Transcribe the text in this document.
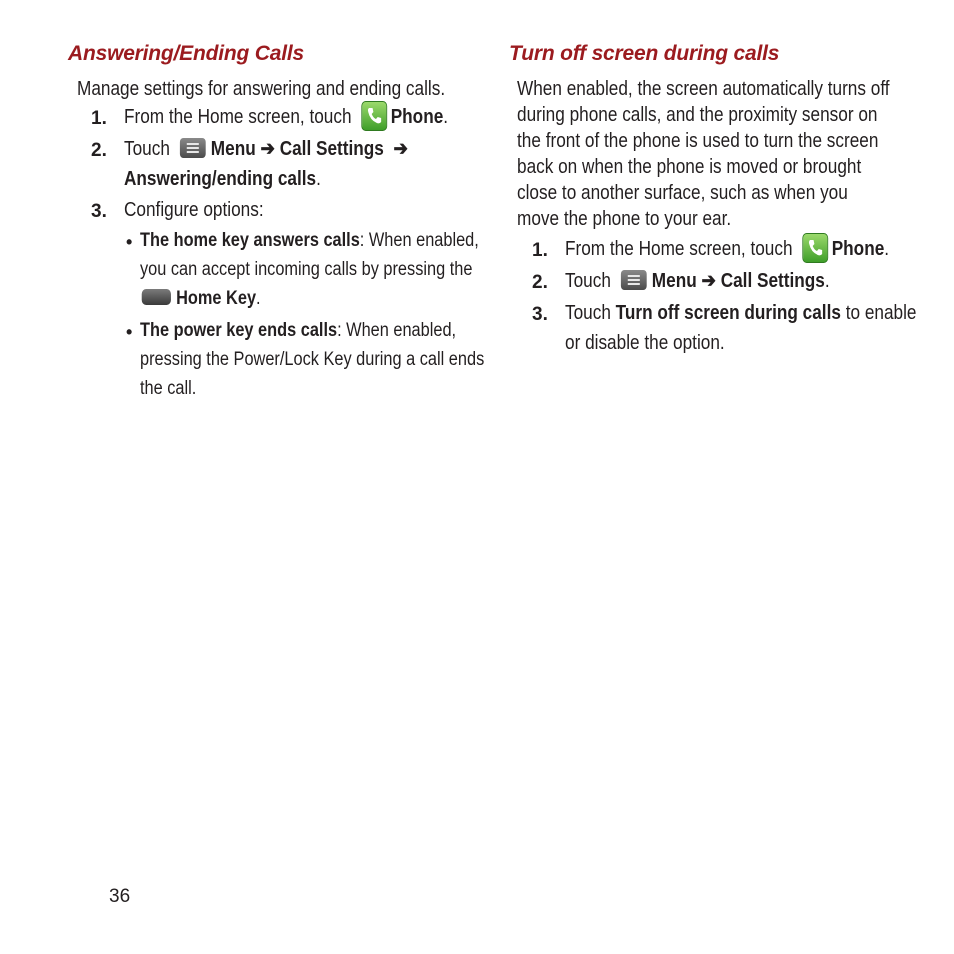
Answering/Ending Calls
Manage settings for answering and ending calls.
1. From the Home screen, touch Phone.
2. Touch Menu ➔ Call Settings ➔
Answering/ending calls.
3. Configure options:
• The home key answers calls: When enabled,
you can accept incoming calls by pressing the
Home Key.
• The power key ends calls: When enabled,
pressing the Power/Lock Key during a call ends
the call.
Turn off screen during calls
When enabled, the screen automatically turns off
during phone calls, and the proximity sensor on
the front of the phone is used to turn the screen
back on when the phone is moved or brought
close to another surface, such as when you
move the phone to your ear.
1. From the Home screen, touch Phone.
2. Touch Menu ➔ Call Settings.
3. Touch Turn off screen during calls to enable
or disable the option.
36
